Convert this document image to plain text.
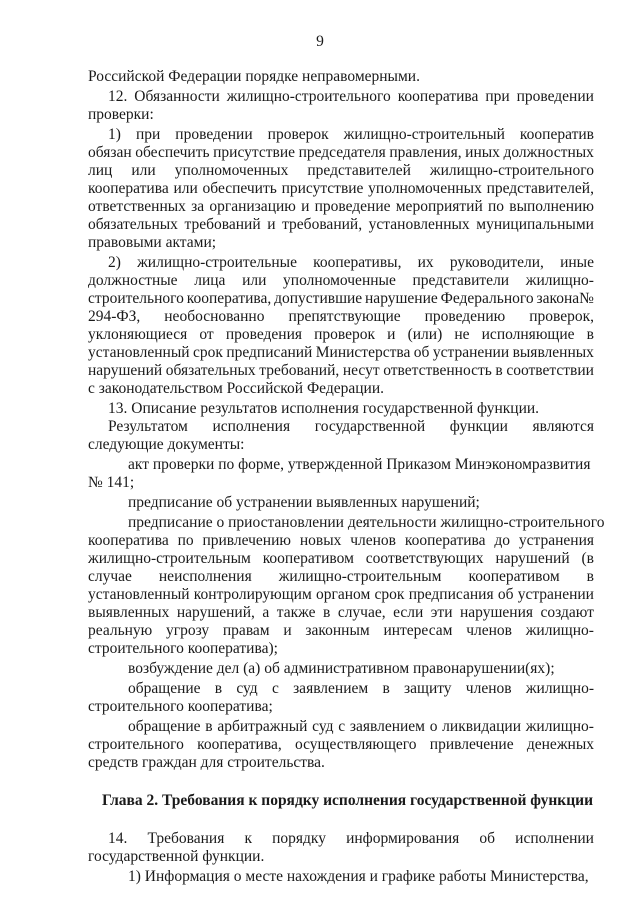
9
Российской Федерации порядке неправомерными.
12. Обязанности жилищно-строительного кооператива при проведении
проверки:
1) при проведении проверок жилищно-строительный кооператив
обязан обеспечить присутствие председателя правления, иных должностных
лиц или уполномоченных представителей жилищно-строительного
кооператива или обеспечить присутствие уполномоченных представителей,
ответственных за организацию и проведение мероприятий по выполнению
обязательных требований и требований, установленных муниципальными
правовыми актами;
2) жилищно-строительные кооперативы, их руководители, иные
должностные лица или уполномоченные представители жилищно-
строительного кооператива, допустившие нарушение Федерального закона№
294-ФЗ, необоснованно препятствующие проведению проверок,
уклоняющиеся от проведения проверок и (или) не исполняющие в
установленный срок предписаний Министерства об устранении выявленных
нарушений обязательных требований, несут ответственность в соответствии
с законодательством Российской Федерации.
13. Описание результатов исполнения государственной функции.
Результатом исполнения государственной функции являются
следующие документы:
акт проверки по форме, утвержденной Приказом Минэкономразвития
№ 141;
предписание об устранении выявленных нарушений;
предписание о приостановлении деятельности жилищно-строительного
кооператива по привлечению новых членов кооператива до устранения
жилищно-строительным кооперативом соответствующих нарушений (в
случае неисполнения жилищно-строительным кооперативом в
установленный контролирующим органом срок предписания об устранении
выявленных нарушений, а также в случае, если эти нарушения создают
реальную угрозу правам и законным интересам членов жилищно-
строительного кооператива);
возбуждение дел (а) об административном правонарушении(ях);
обращение в суд с заявлением в защиту членов жилищно-
строительного кооператива;
обращение в арбитражный суд с заявлением о ликвидации жилищно-
строительного кооператива, осуществляющего привлечение денежных
средств граждан для строительства.
Глава 2. Требования к порядку исполнения государственной функции
14. Требования к порядку информирования об исполнении
государственной функции.
1) Информация о месте нахождения и графике работы Министерства,
